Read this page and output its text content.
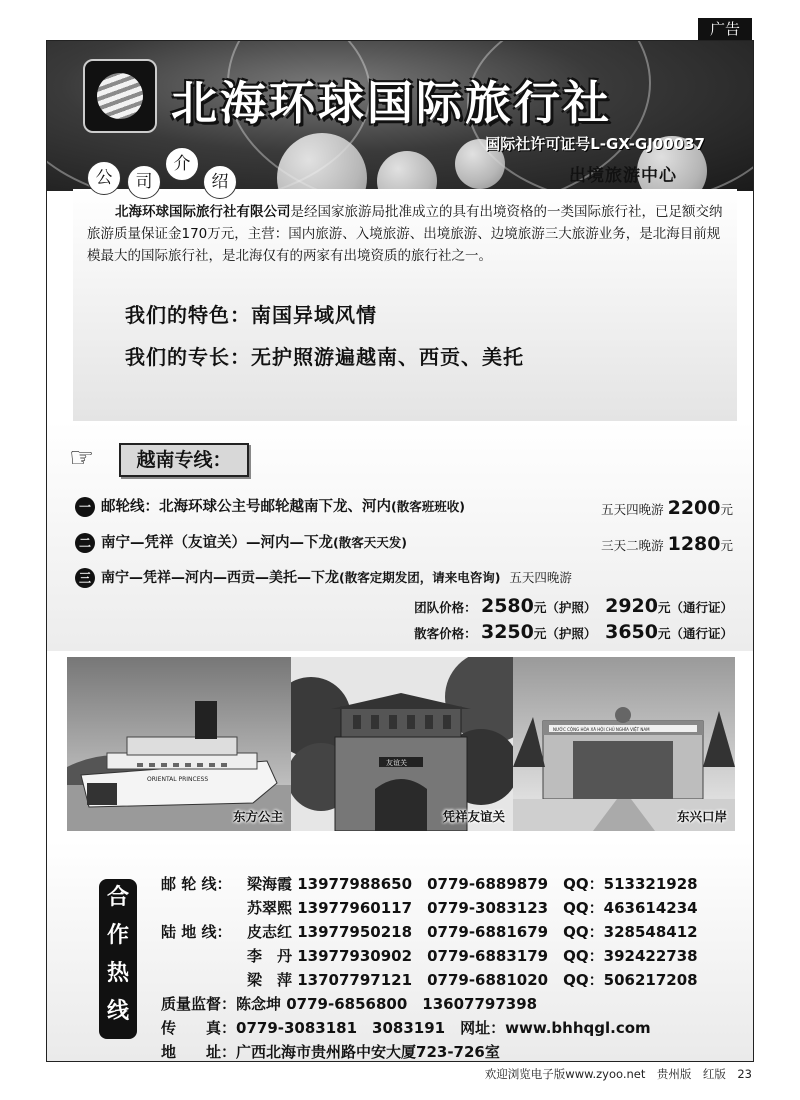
广告
北海环球国际旅行社
国际社许可证号L-GX-GJ00037
出境旅游中心
公	司
介
绍
北海环球国际旅行社有限公司是经国家旅游局批准成立的具有出境资格的一类国际旅行社，已足额交纳旅游质量保证金170万元，主营：国内旅游、入境旅游、出境旅游、边境旅游三大旅游业务，是北海目前规模最大的国际旅行社，是北海仅有的两家有出境资质的旅行社之一。
我们的特色：南国异域风情
我们的专长：无护照游遍越南、西贡、美托
☞	越南专线：
一 邮轮线：北海环球公主号邮轮越南下龙、河内(散客班班收)	五天四晚游 2200元
二 南宁—凭祥（友谊关）—河内—下龙(散客天天发)	三天二晚游 1280元
三 南宁—凭祥—河内—西贡—美托—下龙(散客定期发团，请来电咨询) 五天四晚游
团队价格： 2580元（护照） 2920元（通行证）
散客价格： 3250元（护照） 3650元（通行证）
ORIENTAL PRINCESS
东方公主
友谊关
凭祥友谊关
NƯỚC CỘNG HÒA XÃ HỘI CHỦ NGHĨA VIỆT NAM
东兴口岸
合
作
热
线
邮 轮 线： 梁海霞 13977988650　 0779-6889879　 QQ：513321928
苏翠熙 13977960117　 0779-3083123　 QQ：463614234
陆 地 线： 皮志红 13977950218　 0779-6881679　 QQ：328548412
李　丹 13977930902　 0779-6883179　 QQ：392422738
梁　萍 13707797121　 0779-6881020　 QQ：506217208
质量监督：陈念坤 0779-6856800　13607797398
传　　真：0779-3083181　3083191　网址：www.bhhqgl.com
地　　址：广西北海市贵州路中安大厦723-726室
欢迎浏览电子版www.zyoo.net　贵州版　红版　23
